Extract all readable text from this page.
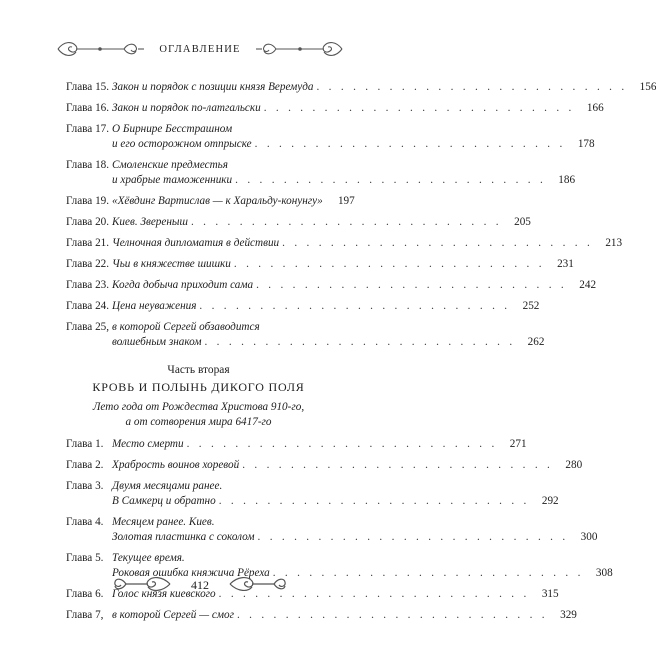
ОГЛАВЛЕНИЕ
Глава 15. Закон и порядок с позиции князя Веремуда . . . . . . . . . . . . . . . . . . . . . . . . . .	156
Глава 16. Закон и порядок по-латгальски . . . . . . . . . . . . . . . . . . . . . . . . . .	166
Глава 17. О Бирнире Бесстрашном
и его осторожном отпрыске . . . . . . . . . . . . . . . . . . . . . . . . . .	178
Глава 18. Смоленские предместья
и храбрые таможенники . . . . . . . . . . . . . . . . . . . . . . . . . .	186
Глава 19. «Хёвдинг Вартислав — к Харальду-конунгу»	197
Глава 20. Киев. Звереныш . . . . . . . . . . . . . . . . . . . . . . . . . .	205
Глава 21. Челночная дипломатия в действии . . . . . . . . . . . . . . . . . . . . . . . . . .	213
Глава 22. Чьи в княжестве шишки . . . . . . . . . . . . . . . . . . . . . . . . . .	231
Глава 23. Когда добыча приходит сама . . . . . . . . . . . . . . . . . . . . . . . . . .	242
Глава 24. Цена неуважения . . . . . . . . . . . . . . . . . . . . . . . . . .	252
Глава 25, в которой Сергей обзаводится
волшебным знаком . . . . . . . . . . . . . . . . . . . . . . . . . .	262
Часть вторая
КРОВЬ И ПОЛЫНЬ ДИКОГО ПОЛЯ
Лето года от Рождества Христова 910-го,
а от сотворения мира 6417-го
Глава 1. Место смерти . . . . . . . . . . . . . . . . . . . . . . . . . .	271
Глава 2. Храбрость воинов хоревой . . . . . . . . . . . . . . . . . . . . . . . . . .	280
Глава 3. Двумя месяцами ранее.
В Самкерц и обратно . . . . . . . . . . . . . . . . . . . . . . . . . .	292
Глава 4. Месяцем ранее. Киев.
Золотая пластинка с соколом . . . . . . . . . . . . . . . . . . . . . . . . . .	300
Глава 5. Текущее время.
Роковая ошибка княжича Рёреха . . . . . . . . . . . . . . . . . . . . . . . . . .	308
Глава 6. Голос князя киевского . . . . . . . . . . . . . . . . . . . . . . . . . .	315
Глава 7, в которой Сергей — смог . . . . . . . . . . . . . . . . . . . . . . . . . .	329
412
